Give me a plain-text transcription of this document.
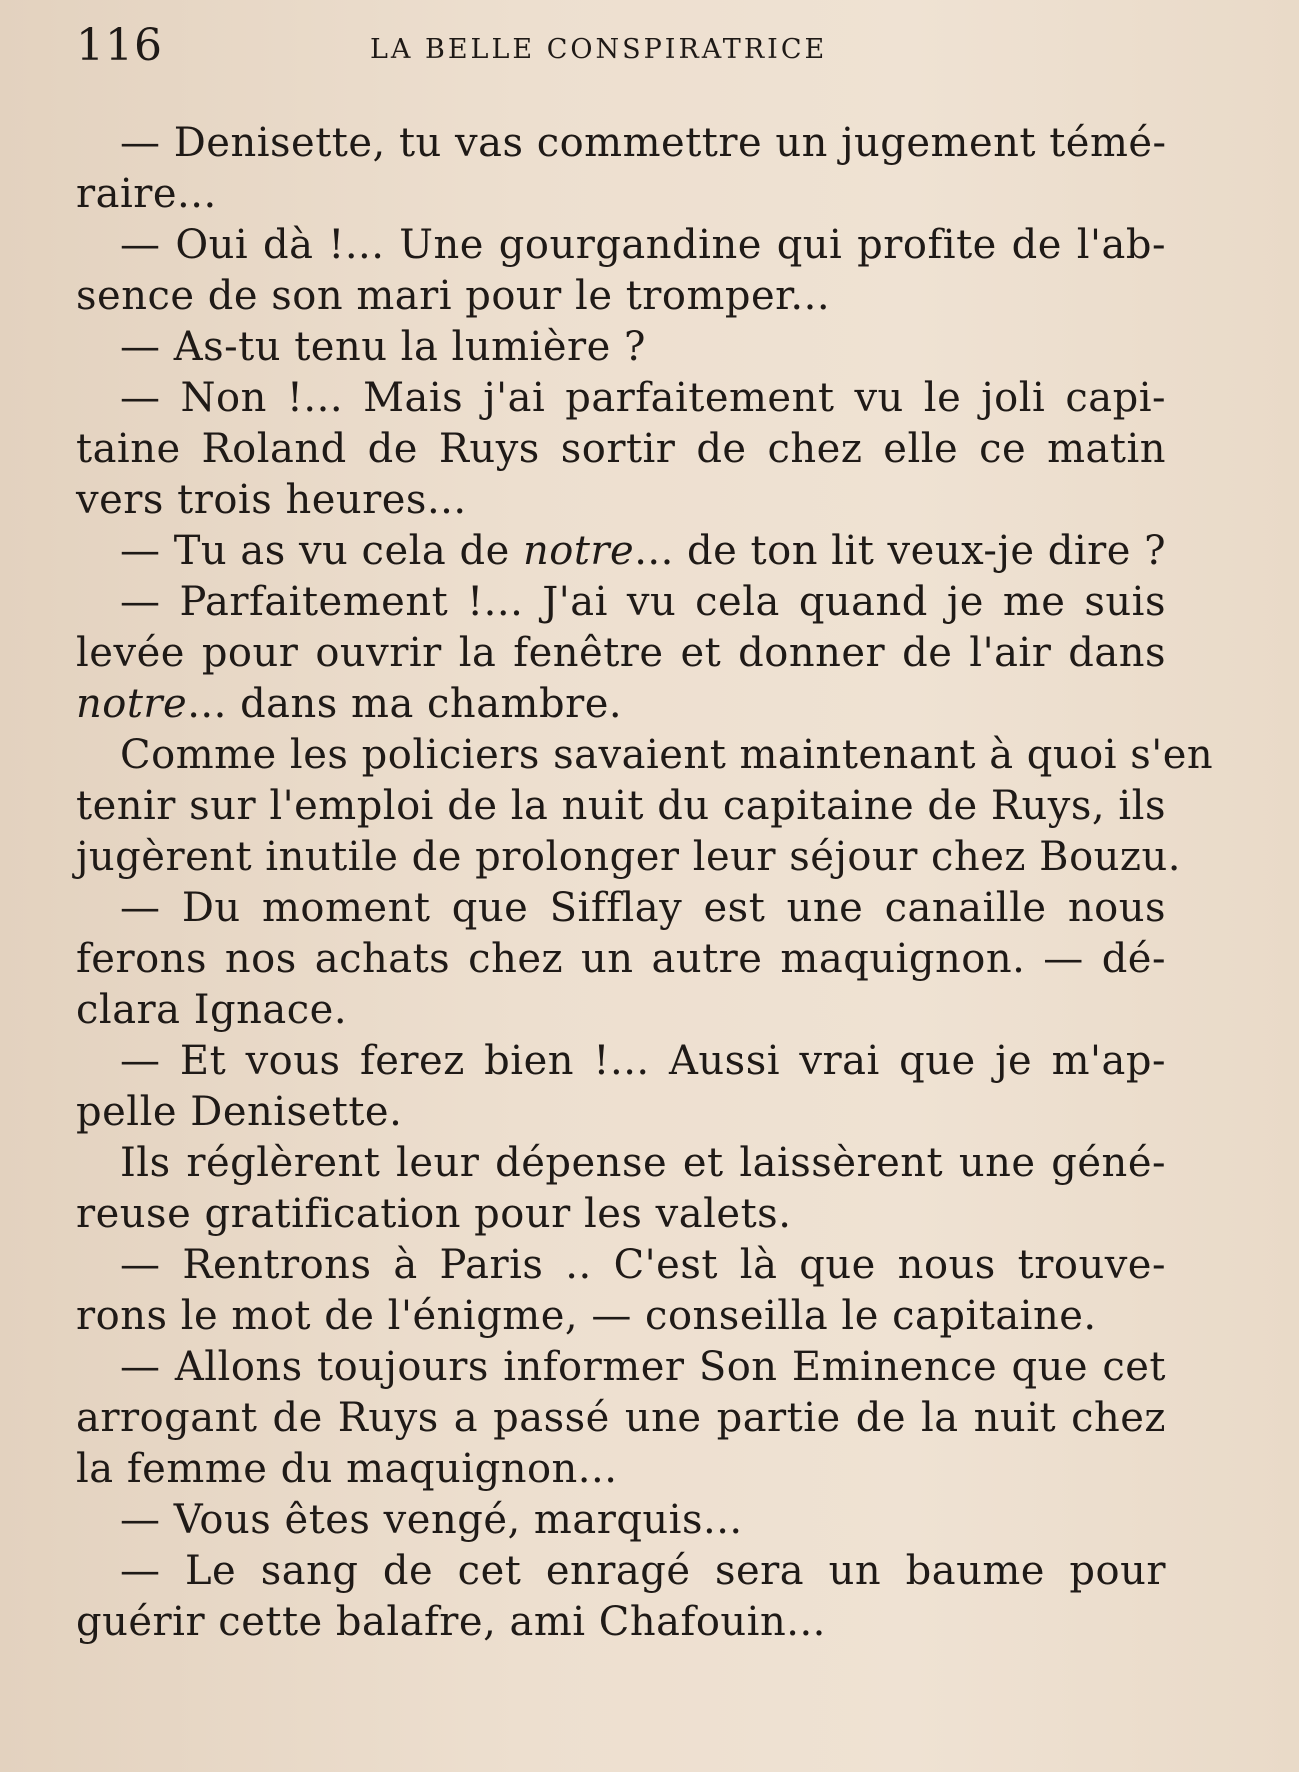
116	LA BELLE CONSPIRATRICE
— Denisette, tu vas commettre un jugement témé-
raire...
— Oui dà !... Une gourgandine qui profite de l'ab-
sence de son mari pour le tromper...
— As-tu tenu la lumière ?
— Non !... Mais j'ai parfaitement vu le joli capi-
taine Roland de Ruys sortir de chez elle ce matin
vers trois heures...
— Tu as vu cela de notre... de ton lit veux-je dire ?
— Parfaitement !... J'ai vu cela quand je me suis
levée pour ouvrir la fenêtre et donner de l'air dans
notre... dans ma chambre.
Comme les policiers savaient maintenant à quoi s'en
tenir sur l'emploi de la nuit du capitaine de Ruys, ils
jugèrent inutile de prolonger leur séjour chez Bouzu.
— Du moment que Sifflay est une canaille nous
ferons nos achats chez un autre maquignon. — dé-
clara Ignace.
— Et vous ferez bien !... Aussi vrai que je m'ap-
pelle Denisette.
Ils réglèrent leur dépense et laissèrent une géné-
reuse gratification pour les valets.
— Rentrons à Paris .. C'est là que nous trouve-
rons le mot de l'énigme, — conseilla le capitaine.
— Allons toujours informer Son Eminence que cet
arrogant de Ruys a passé une partie de la nuit chez
la femme du maquignon...
— Vous êtes vengé, marquis...
— Le sang de cet enragé sera un baume pour
guérir cette balafre, ami Chafouin...
